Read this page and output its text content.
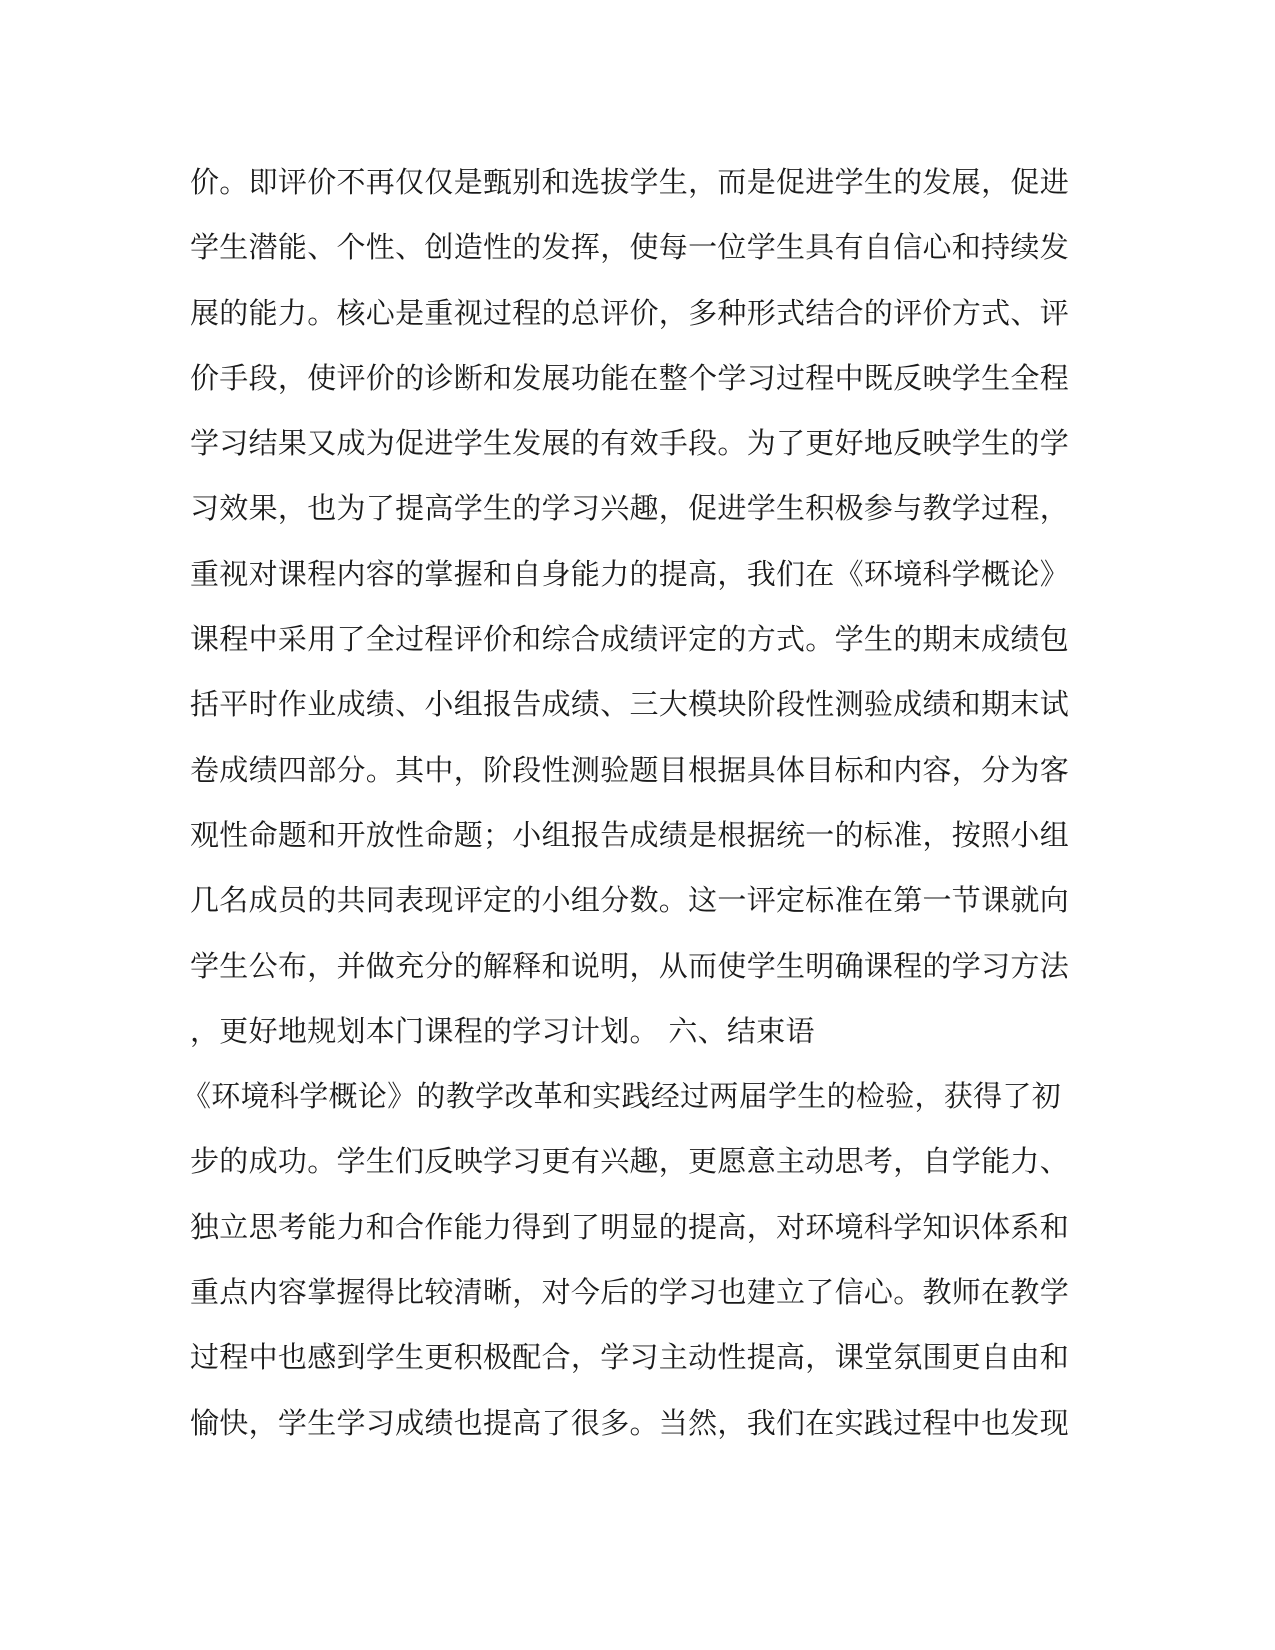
价。即评价不再仅仅是甄别和选拔学生，而是促进学生的发展，促进
学生潜能、个性、创造性的发挥，使每一位学生具有自信心和持续发
展的能力。核心是重视过程的总评价，多种形式结合的评价方式、评
价手段，使评价的诊断和发展功能在整个学习过程中既反映学生全程
学习结果又成为促进学生发展的有效手段。为了更好地反映学生的学
习效果，也为了提高学生的学习兴趣，促进学生积极参与教学过程，
重视对课程内容的掌握和自身能力的提高，我们在《环境科学概论》
课程中采用了全过程评价和综合成绩评定的方式。学生的期末成绩包
括平时作业成绩、小组报告成绩、三大模块阶段性测验成绩和期末试
卷成绩四部分。其中，阶段性测验题目根据具体目标和内容，分为客
观性命题和开放性命题；小组报告成绩是根据统一的标准，按照小组
几名成员的共同表现评定的小组分数。这一评定标准在第一节课就向
学生公布，并做充分的解释和说明，从而使学生明确课程的学习方法
，更好地规划本门课程的学习计划。 六、结束语
《环境科学概论》的教学改革和实践经过两届学生的检验，获得了初
步的成功。学生们反映学习更有兴趣，更愿意主动思考，自学能力、
独立思考能力和合作能力得到了明显的提高，对环境科学知识体系和
重点内容掌握得比较清晰，对今后的学习也建立了信心。教师在教学
过程中也感到学生更积极配合，学习主动性提高，课堂氛围更自由和
愉快，学生学习成绩也提高了很多。当然，我们在实践过程中也发现
